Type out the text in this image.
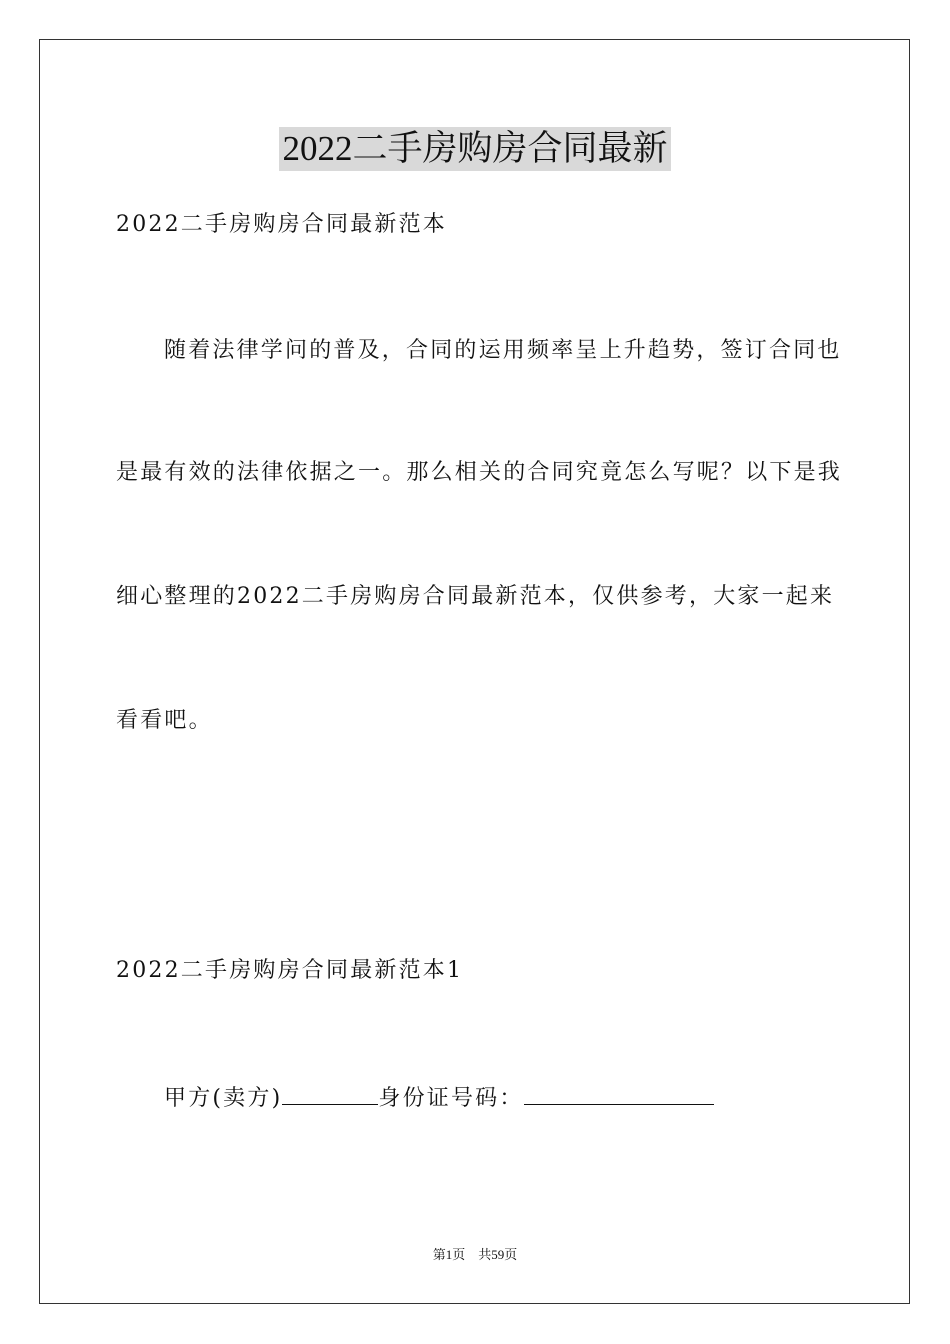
2022二手房购房合同最新
2022二手房购房合同最新范本
随着法律学问的普及，合同的运用频率呈上升趋势，签订合同也
是最有效的法律依据之一。那么相关的合同究竟怎么写呢？以下是我
细心整理的2022二手房购房合同最新范本，仅供参考，大家一起来
看看吧。
2022二手房购房合同最新范本1
甲方(卖方)	身份证号码：
第1页 共59页
